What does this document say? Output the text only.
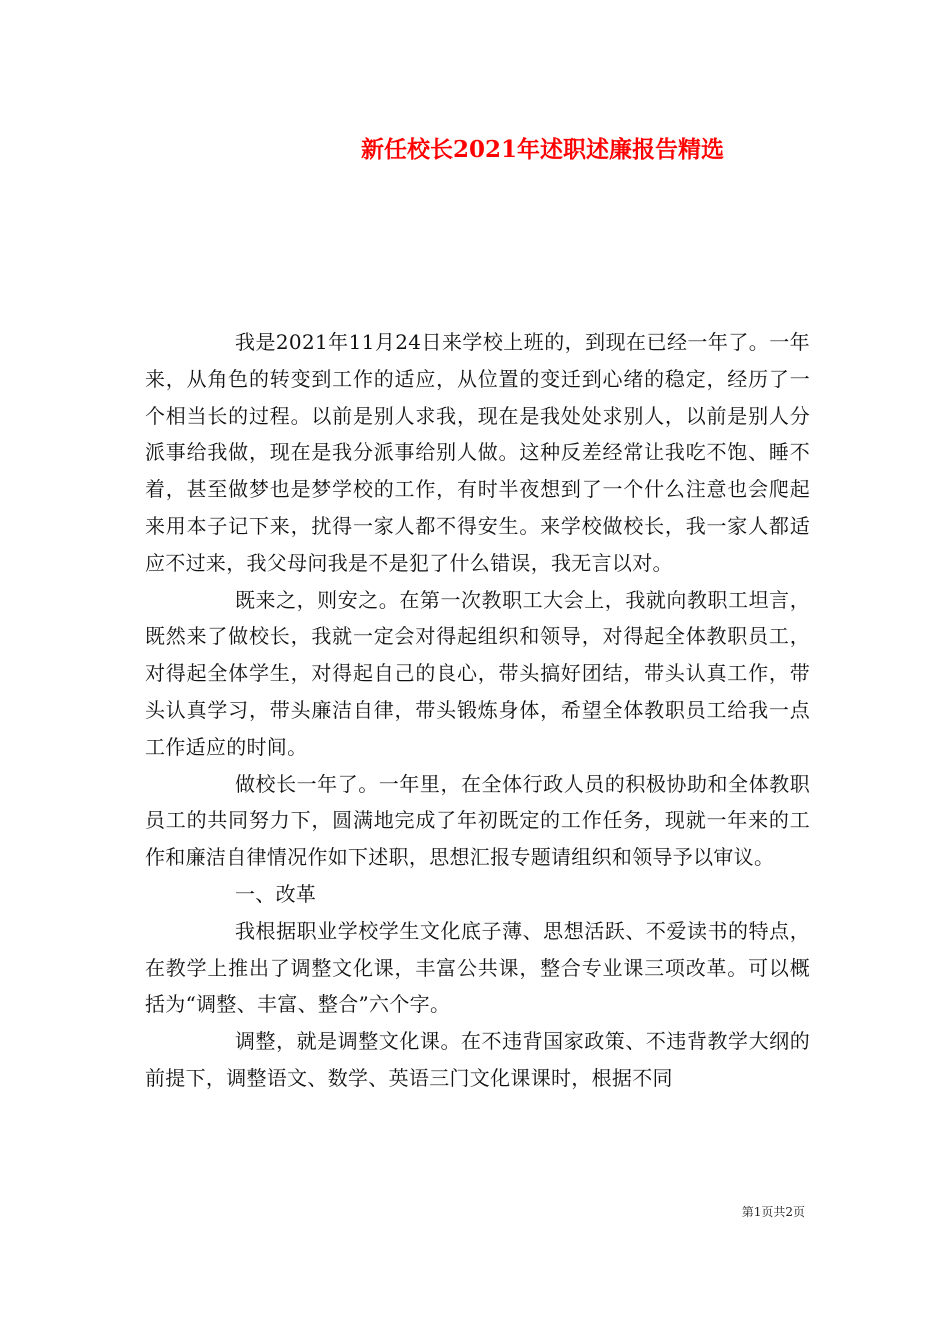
新任校长2021年述职述廉报告精选

我是2021年11月24日来学校上班的，到现在已经一年了。一年来，从角色的转变到工作的适应，从位置的变迁到心绪的稳定，经历了一个相当长的过程。以前是别人求我，现在是我处处求别人，以前是别人分派事给我做，现在是我分派事给别人做。这种反差经常让我吃不饱、睡不着，甚至做梦也是梦学校的工作，有时半夜想到了一个什么注意也会爬起来用本子记下来，扰得一家人都不得安生。来学校做校长，我一家人都适应不过来，我父母问我是不是犯了什么错误，我无言以对。

既来之，则安之。在第一次教职工大会上，我就向教职工坦言，既然来了做校长，我就一定会对得起组织和领导，对得起全体教职员工，对得起全体学生，对得起自己的良心，带头搞好团结，带头认真工作，带头认真学习，带头廉洁自律，带头锻炼身体，希望全体教职员工给我一点工作适应的时间。

做校长一年了。一年里，在全体行政人员的积极协助和全体教职员工的共同努力下，圆满地完成了年初既定的工作任务，现就一年来的工作和廉洁自律情况作如下述职，思想汇报专题请组织和领导予以审议。

一、改革

我根据职业学校学生文化底子薄、思想活跃、不爱读书的特点，在教学上推出了调整文化课，丰富公共课，整合专业课三项改革。可以概括为“调整、丰富、整合”六个字。

调整，就是调整文化课。在不违背国家政策、不违背教学大纲的前提下，调整语文、数学、英语三门文化课课时，根据不同

第1页共2页
